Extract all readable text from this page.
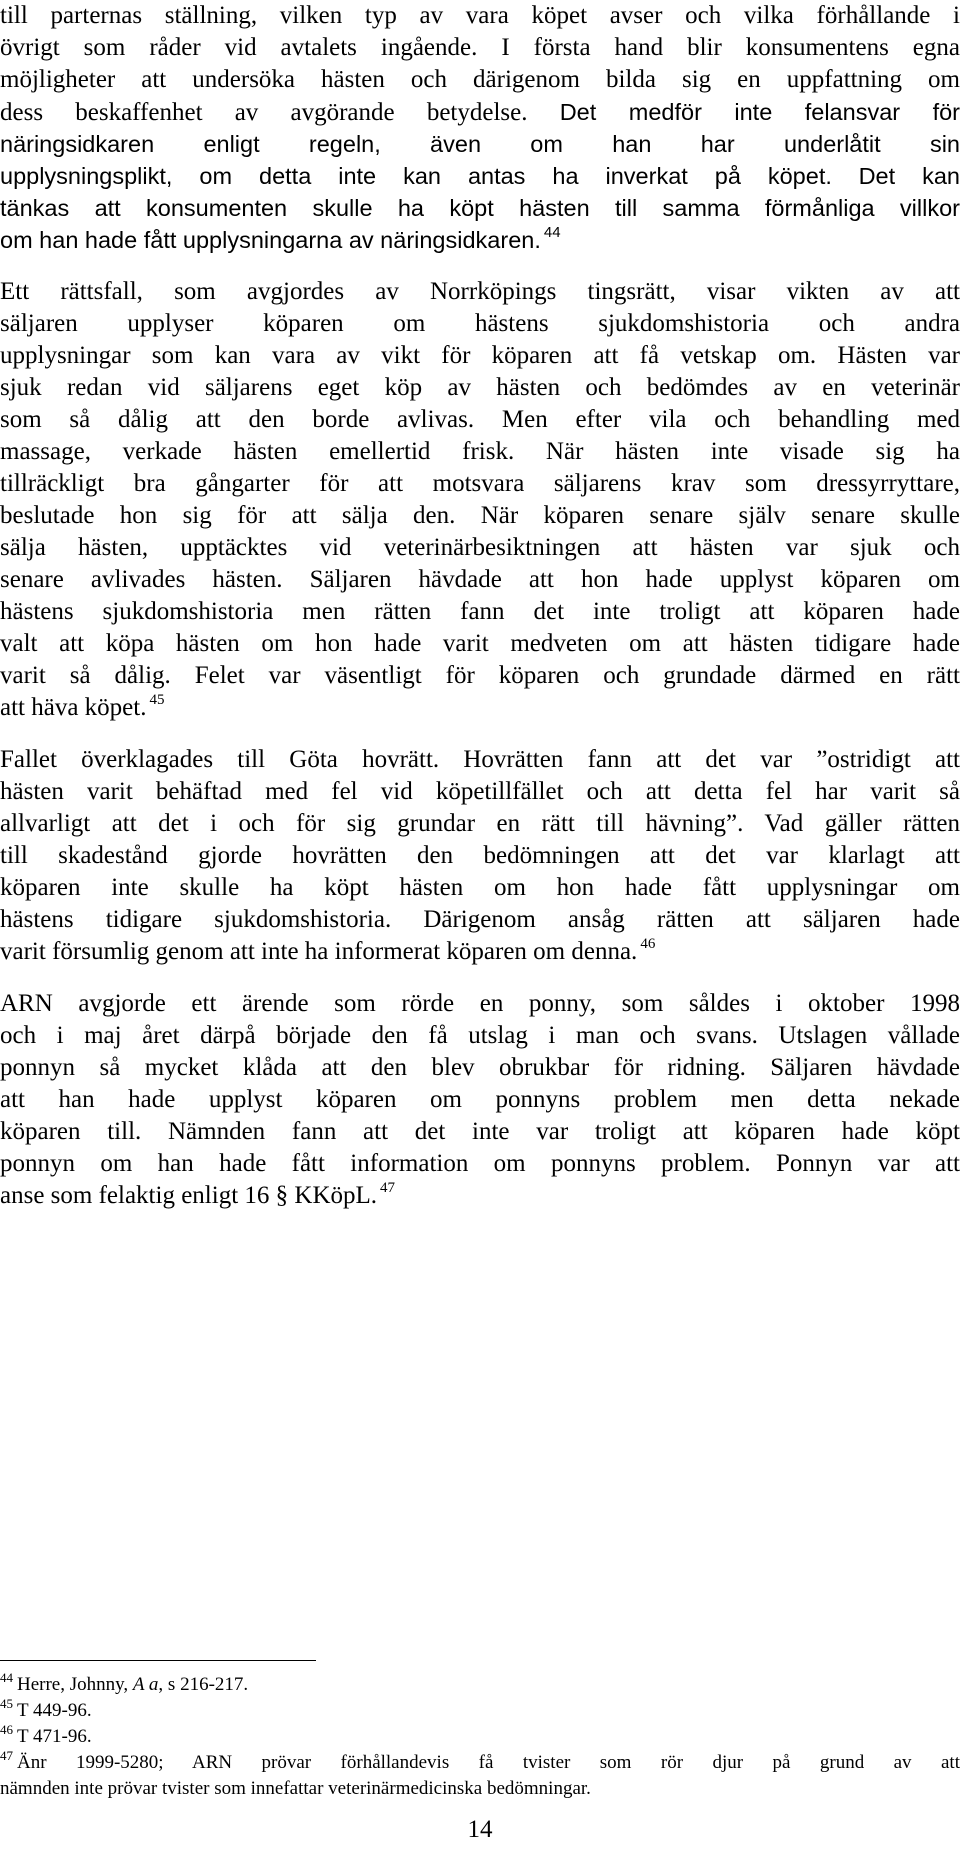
till parternas ställning, vilken typ av vara köpet avser och vilka förhållande i
övrigt som råder vid avtalets ingående. I första hand blir konsumentens egna
möjligheter att undersöka hästen och därigenom bilda sig en uppfattning om
dess beskaffenhet av avgörande betydelse. Det medför inte felansvar för
näringsidkaren enligt regeln, även om han har underlåtit sin
upplysningsplikt, om detta inte kan antas ha inverkat på köpet. Det kan
tänkas att konsumenten skulle ha köpt hästen till samma förmånliga villkor
om han hade fått upplysningarna av näringsidkaren. $^{44}$
Ett rättsfall, som avgjordes av Norrköpings tingsrätt, visar vikten av att
säljaren upplyser köparen om hästens sjukdomshistoria och andra
upplysningar som kan vara av vikt för köparen att få vetskap om. Hästen var
sjuk redan vid säljarens eget köp av hästen och bedömdes av en veterinär
som så dålig att den borde avlivas. Men efter vila och behandling med
massage, verkade hästen emellertid frisk. När hästen inte visade sig ha
tillräckligt bra gångarter för att motsvara säljarens krav som dressyrryttare,
beslutade hon sig för att sälja den. När köparen senare själv senare skulle
sälja hästen, upptäcktes vid veterinärbesiktningen att hästen var sjuk och
senare avlivades hästen. Säljaren hävdade att hon hade upplyst köparen om
hästens sjukdomshistoria men rätten fann det inte troligt att köparen hade
valt att köpa hästen om hon hade varit medveten om att hästen tidigare hade
varit så dålig. Felet var väsentligt för köparen och grundade därmed en rätt
att häva köpet. $^{45}$
Fallet överklagades till Göta hovrätt. Hovrätten fann att det var ”ostridigt att
hästen varit behäftad med fel vid köpetillfället och att detta fel har varit så
allvarligt att det i och för sig grundar en rätt till hävning”. Vad gäller rätten
till skadestånd gjorde hovrätten den bedömningen att det var klarlagt att
köparen inte skulle ha köpt hästen om hon hade fått upplysningar om
hästens tidigare sjukdomshistoria. Därigenom ansåg rätten att säljaren hade
varit försumlig genom att inte ha informerat köparen om denna. $^{46}$
ARN avgjorde ett ärende som rörde en ponny, som såldes i oktober 1998
och i maj året därpå började den få utslag i man och svans. Utslagen vållade
ponnyn så mycket klåda att den blev obrukbar för ridning. Säljaren hävdade
att han hade upplyst köparen om ponnyns problem men detta nekade
köparen till. Nämnden fann att det inte var troligt att köparen hade köpt
ponnyn om han hade fått information om ponnyns problem. Ponnyn var att
anse som felaktig enligt 16 § KKöpL. $^{47}$
$^{44}$ Herre, Johnny, A a, s 216-217.
$^{45}$ T 449-96.
$^{46}$ T 471-96.
$^{47}$ Änr 1999-5280; ARN prövar förhållandevis få tvister som rör djur på grund av att
nämnden inte prövar tvister som innefattar veterinärmedicinska bedömningar.
14
